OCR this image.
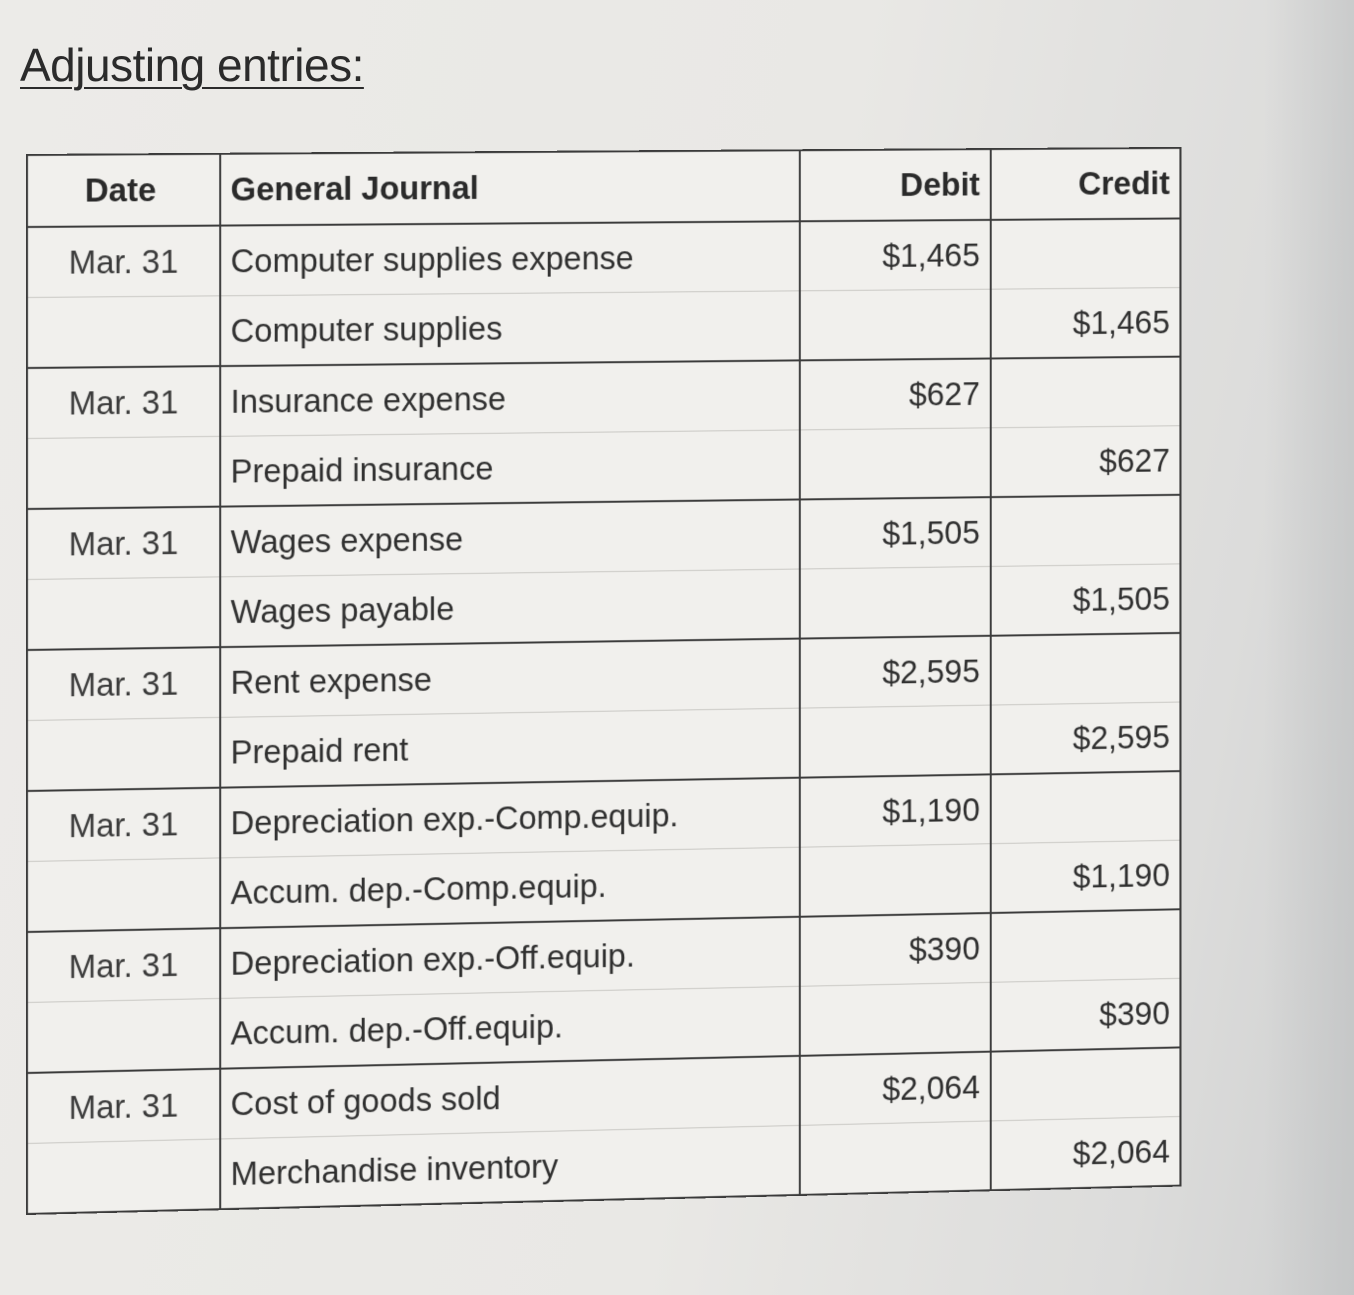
Adjusting entries:
Date	General Journal	Debit	Credit
Mar. 31	Computer supplies expense	$1,465	
	Computer supplies		$1,465
Mar. 31	Insurance expense	$627	
	Prepaid insurance		$627
Mar. 31	Wages expense	$1,505	
	Wages payable		$1,505
Mar. 31	Rent expense	$2,595	
	Prepaid rent		$2,595
Mar. 31	Depreciation exp.-Comp.equip.	$1,190	
	Accum. dep.-Comp.equip.		$1,190
Mar. 31	Depreciation exp.-Off.equip.	$390	
	Accum. dep.-Off.equip.		$390
Mar. 31	Cost of goods sold	$2,064	
	Merchandise inventory		$2,064
